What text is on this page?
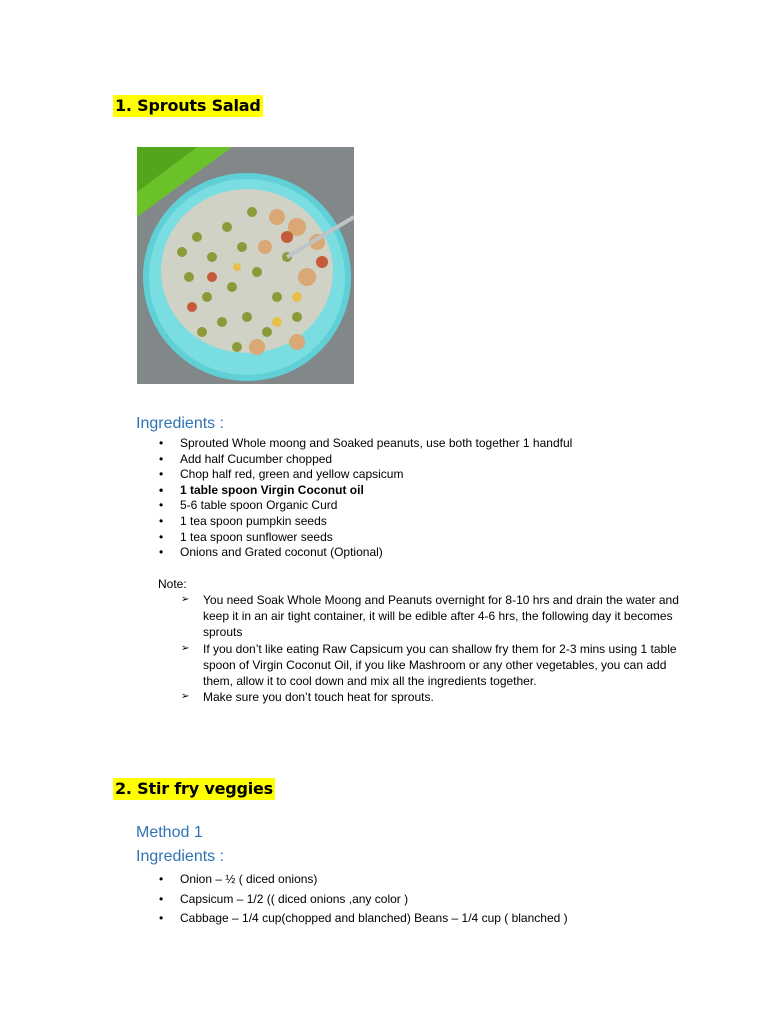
1. Sprouts Salad
Ingredients :
• Sprouted Whole moong and Soaked peanuts, use both together 1 handful
• Add half Cucumber chopped
• Chop half red, green and yellow capsicum
• 1 table spoon Virgin Coconut oil
• 5-6 table spoon Organic Curd
• 1 tea spoon pumpkin seeds
• 1 tea spoon sunflower seeds
• Onions and Grated coconut (Optional)

Note:

➢ You need Soak Whole Moong and Peanuts overnight for 8-10 hrs and drain the water and keep it in an air tight container, it will be edible after 4-6 hrs, the following day it becomes sprouts
➢ If you don’t like eating Raw Capsicum you can shallow fry them for 2-3 mins using 1 table spoon of Virgin Coconut Oil, if you like Mashroom or any other vegetables, you can add them, allow it to cool down and mix all the ingredients together.
➢ Make sure you don’t touch heat for sprouts.
2. Stir fry veggies
Method 1
Ingredients :
• Onion – ½ ( diced onions)
• Capsicum – 1/2 (( diced onions ,any color )
• Cabbage – 1/4 cup(chopped and blanched) Beans – 1/4 cup ( blanched )
